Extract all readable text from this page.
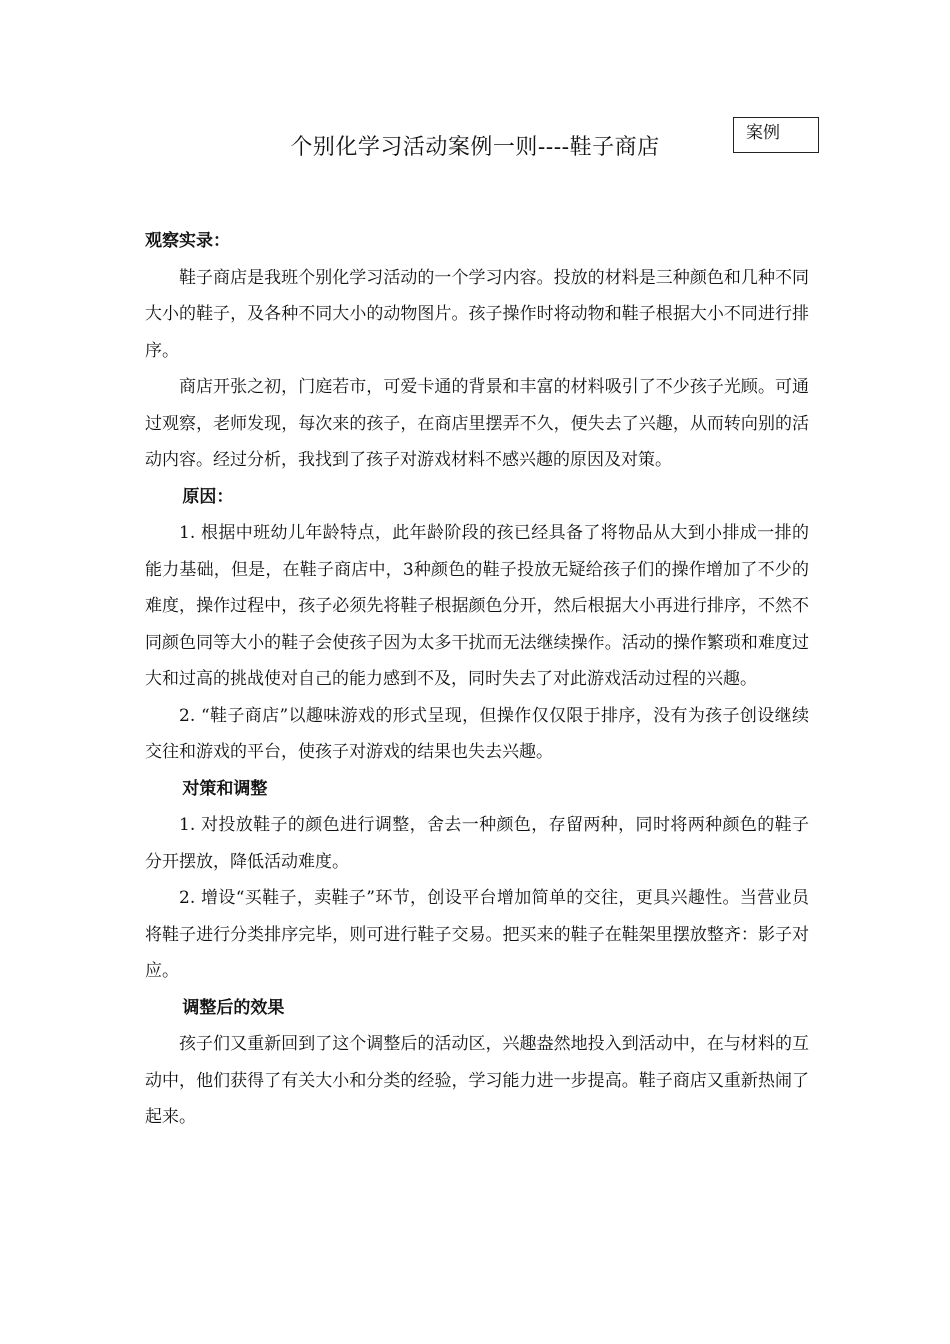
案例
个别化学习活动案例一则----鞋子商店

观察实录：

鞋子商店是我班个别化学习活动的一个学习内容。投放的材料是三种颜色和几种不同大小的鞋子，及各种不同大小的动物图片。孩子操作时将动物和鞋子根据大小不同进行排序。

商店开张之初，门庭若市，可爱卡通的背景和丰富的材料吸引了不少孩子光顾。可通过观察，老师发现，每次来的孩子，在商店里摆弄不久，便失去了兴趣，从而转向别的活动内容。经过分析，我找到了孩子对游戏材料不感兴趣的原因及对策。

原因：

1. 根据中班幼儿年龄特点，此年龄阶段的孩已经具备了将物品从大到小排成一排的能力基础，但是，在鞋子商店中，3种颜色的鞋子投放无疑给孩子们的操作增加了不少的难度，操作过程中，孩子必须先将鞋子根据颜色分开，然后根据大小再进行排序，不然不同颜色同等大小的鞋子会使孩子因为太多干扰而无法继续操作。活动的操作繁琐和难度过大和过高的挑战使对自己的能力感到不及，同时失去了对此游戏活动过程的兴趣。

2. “鞋子商店”以趣味游戏的形式呈现，但操作仅仅限于排序，没有为孩子创设继续交往和游戏的平台，使孩子对游戏的结果也失去兴趣。

对策和调整

1. 对投放鞋子的颜色进行调整，舍去一种颜色，存留两种，同时将两种颜色的鞋子分开摆放，降低活动难度。

2. 增设“买鞋子，卖鞋子”环节，创设平台增加简单的交往，更具兴趣性。当营业员将鞋子进行分类排序完毕，则可进行鞋子交易。把买来的鞋子在鞋架里摆放整齐：影子对应。

调整后的效果

孩子们又重新回到了这个调整后的活动区，兴趣盎然地投入到活动中，在与材料的互动中，他们获得了有关大小和分类的经验，学习能力进一步提高。鞋子商店又重新热闹了起来。
